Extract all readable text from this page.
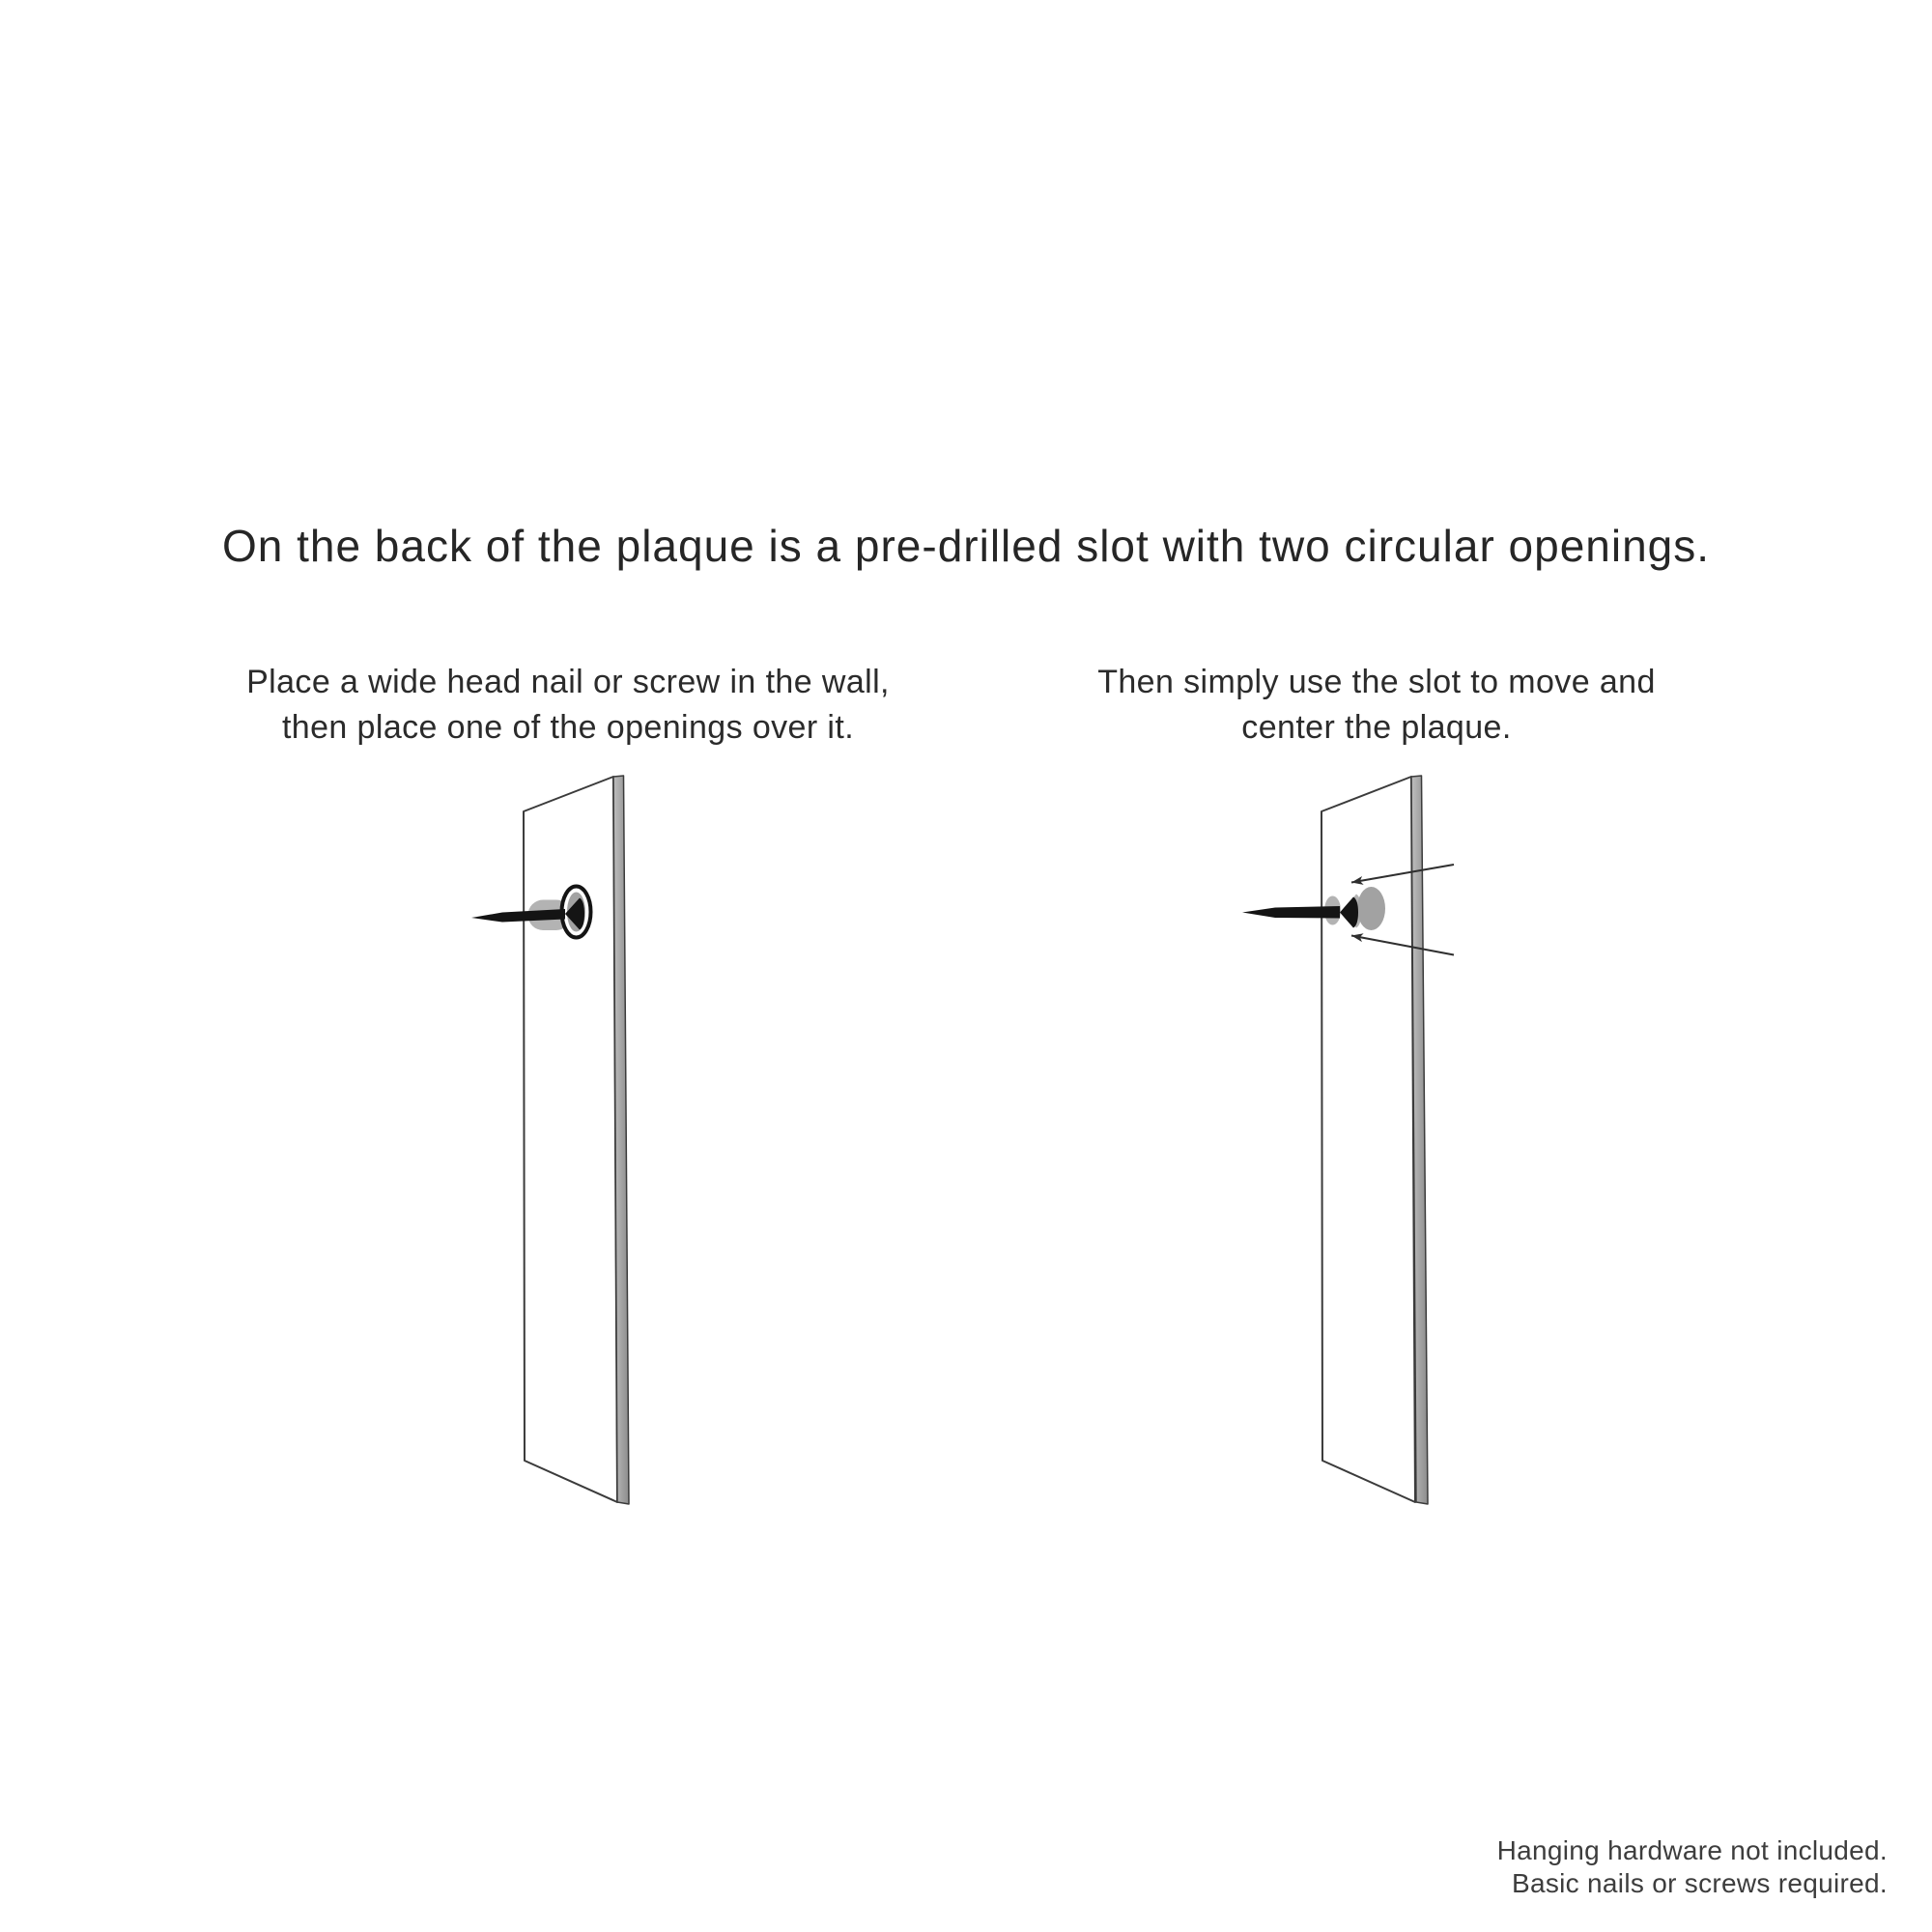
On the back of the plaque is a pre-drilled slot with two circular openings.
Place a wide head nail or screw in the wall,
then place one of the openings over it.
Then simply use the slot to move and
center the plaque.
Hanging hardware not included.
Basic nails or screws required.
